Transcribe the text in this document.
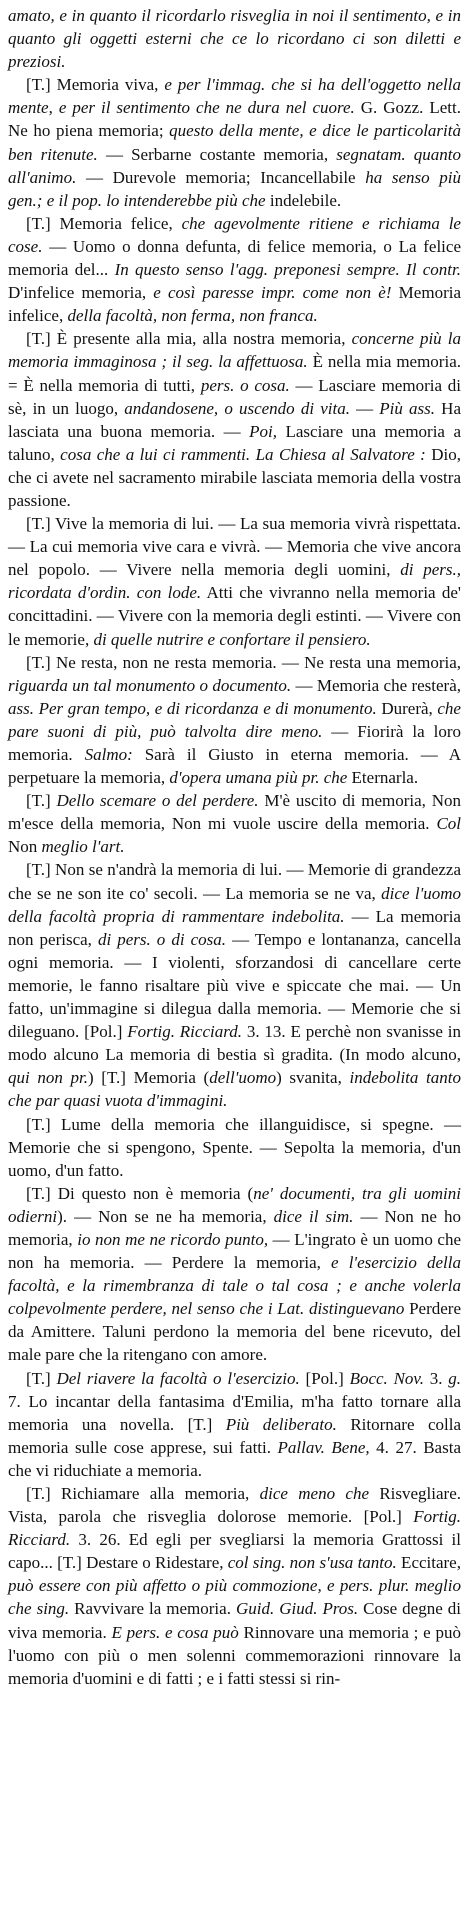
amato, e in quanto il ricordarlo risveglia in noi il sentimento, e in quanto gli oggetti esterni che ce lo ricordano ci son diletti e preziosi.

[T.] Memoria viva, e per l'immag. che si ha dell'oggetto nella mente, e per il sentimento che ne dura nel cuore. G. Gozz. Lett. Ne ho piena memoria; questo della mente, e dice le particolarità ben ritenute. — Serbarne costante memoria, segnatam. quanto all'animo. — Durevole memoria; Incancellabile ha senso più gen.; e il pop. lo intenderebbe più che indelebile.

[T.] Memoria felice, che agevolmente ritiene e richiama le cose. — Uomo o donna defunta, di felice memoria, o La felice memoria del... In questo senso l'agg. preponesi sempre. Il contr. D'infelice memoria, e così paresse impr. come non è! Memoria infelice, della facoltà, non ferma, non franca.

[T.] È presente alla mia, alla nostra memoria, concerne più la memoria immaginosa ; il seg. la affettuosa. È nella mia memoria. = È nella memoria di tutti, pers. o cosa. — Lasciare memoria di sè, in un luogo, andandosene, o uscendo di vita. — Più ass. Ha lasciata una buona memoria. — Poi, Lasciare una memoria a taluno, cosa che a lui ci rammenti. La Chiesa al Salvatore : Dio, che ci avete nel sacramento mirabile lasciata memoria della vostra passione.

[T.] Vive la memoria di lui. — La sua memoria vivrà rispettata. — La cui memoria vive cara e vivrà. — Memoria che vive ancora nel popolo. — Vivere nella memoria degli uomini, di pers., ricordata d'ordin. con lode. Atti che vivranno nella memoria de' concittadini. — Vivere con la memoria degli estinti. — Vivere con le memorie, di quelle nutrire e confortare il pensiero.

[T.] Ne resta, non ne resta memoria. — Ne resta una memoria, riguarda un tal monumento o documento. — Memoria che resterà, ass. Per gran tempo, e di ricordanza e di monumento. Durerà, che pare suoni di più, può talvolta dire meno. — Fiorirà la loro memoria. Salmo: Sarà il Giusto in eterna memoria. — A perpetuare la memoria, d'opera umana più pr. che Eternarla.

[T.] Dello scemare o del perdere. M'è uscito di memoria, Non m'esce della memoria, Non mi vuole uscire della memoria. Col Non meglio l'art.

[T.] Non se n'andrà la memoria di lui. — Memorie di grandezza che se ne son ite co' secoli. — La memoria se ne va, dice l'uomo della facoltà propria di rammentare indebolita. — La memoria non perisca, di pers. o di cosa. — Tempo e lontananza, cancella ogni memoria. — I violenti, sforzandosi di cancellare certe memorie, le fanno risaltare più vive e spiccate che mai. — Un fatto, un'immagine si dilegua dalla memoria. — Memorie che si dileguano. [Pol.] Fortig. Ricciard. 3. 13. E perchè non svanisse in modo alcuno La memoria di bestia sì gradita. (In modo alcuno, qui non pr.) [T.] Memoria (dell'uomo) svanita, indebolita tanto che par quasi vuota d'immagini.

[T.] Lume della memoria che illanguidisce, si spegne. — Memorie che si spengono, Spente. — Sepolta la memoria, d'un uomo, d'un fatto.

[T.] Di questo non è memoria (ne' documenti, tra gli uomini odierni). — Non se ne ha memoria, dice il sim. — Non ne ho memoria, io non me ne ricordo punto, — L'ingrato è un uomo che non ha memoria. — Perdere la memoria, e l'esercizio della facoltà, e la rimembranza di tale o tal cosa ; e anche volerla colpevolmente perdere, nel senso che i Lat. distinguevano Perdere da Amittere. Taluni perdono la memoria del bene ricevuto, del male pare che la ritengano con amore.

[T.] Del riavere la facoltà o l'esercizio. [Pol.] Bocc. Nov. 3. g. 7. Lo incantar della fantasima d'Emilia, m'ha fatto tornare alla memoria una novella. [T.] Più deliberato. Ritornare colla memoria sulle cose apprese, sui fatti. Pallav. Bene, 4. 27. Basta che vi riduchiate a memoria.

[T.] Richiamare alla memoria, dice meno che Risvegliare. Vista, parola che risveglia dolorose memorie. [Pol.] Fortig. Ricciard. 3. 26. Ed egli per svegliarsi la memoria Grattossi il capo... [T.] Destare o Ridestare, col sing. non s'usa tanto. Eccitare, può essere con più affetto o più commozione, e pers. plur. meglio che sing. Ravvivare la memoria. Guid. Giud. Pros. Cose degne di viva memoria. E pers. e cosa può Rinnovare una memoria ; e può l'uomo con più o men solenni commemorazioni rinnovare la memoria d'uomini e di fatti ; e i fatti stessi si rin-
